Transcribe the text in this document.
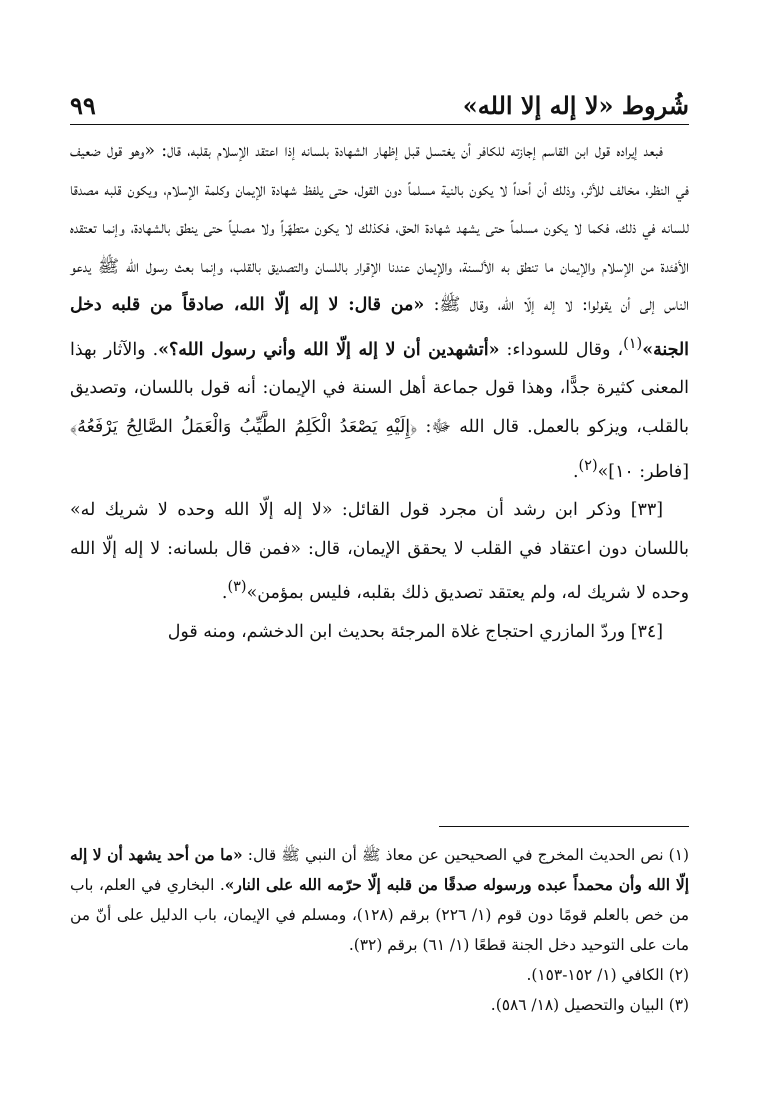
شُروط «لا إله إلا الله»
٩٩

فبعد إيراده قول ابن القاسم إجازته للكافر أن يغتسل قبل إظهار الشهادة بلسانه إذا اعتقد الإسلام بقلبه، قال: «وهو قول ضعيف في النظر، مخالف للأثر، وذلك أن أحداً لا يكون بالنية مسلماً دون القول، حتى يلفظ شهادة الإيمان وكلمة الإسلام، ويكون قلبه مصدقا للسانه في ذلك، فكما لا يكون مسلماً حتى يشهد شهادة الحق، فكذلك لا يكون متطهّراً ولا مصلياً حتى ينطق بالشهادة، وإنما تعتقده الأفئدة من الإسلام والإيمان ما تنطق به الألسنة، والإيمان عندنا الإقرار باللسان والتصديق بالقلب، وإنما بعث رسول الله ﷺ يدعو الناس إلى أن يقولوا: لا إله إلّا الله، وقال ﷺ: «من قال: لا إله إلّا الله، صادقاً من قلبه دخل الجنة»$^{(١)}$، وقال للسوداء: «أتشهدين أن لا إله إلّا الله وأني رسول الله؟». والآثار بهذا المعنى كثيرة جدًّا، وهذا قول جماعة أهل السنة في الإيمان: أنه قول باللسان، وتصديق بالقلب، ويزكو بالعمل. قال الله ﷻ: ﴿إِلَيْهِ يَصْعَدُ الْكَلِمُ الطَّيِّبُ وَالْعَمَلُ الصَّالِحُ يَرْفَعُهُ﴾ [فاطر: ١٠]»$^{(٢)}$.

[٣٣] وذكر ابن رشد أن مجرد قول القائل: «لا إله إلّا الله وحده لا شريك له» باللسان دون اعتقاد في القلب لا يحقق الإيمان، قال: «فمن قال بلسانه: لا إله إلّا الله وحده لا شريك له، ولم يعتقد تصديق ذلك بقلبه، فليس بمؤمن»$^{(٣)}$.

[٣٤] وردّ المازري احتجاج غلاة المرجئة بحديث ابن الدخشم، ومنه قول

(١) نص الحديث المخرج في الصحيحين عن معاذ ﷺ أن النبي ﷺ قال: «ما من أحد يشهد أن لا إله إلّا الله وأن محمداً عبده ورسوله صدقًا من قلبه إلّا حرّمه الله على النار». البخاري في العلم، باب من خص بالعلم قومًا دون قوم (١/ ٢٢٦) برقم (١٢٨)، ومسلم في الإيمان، باب الدليل على أنّ من مات على التوحيد دخل الجنة قطعًا (١/ ٦١) برقم (٣٢).

(٢) الكافي (١/ ١٥٢-١٥٣).

(٣) البيان والتحصيل (١٨/ ٥٨٦).
